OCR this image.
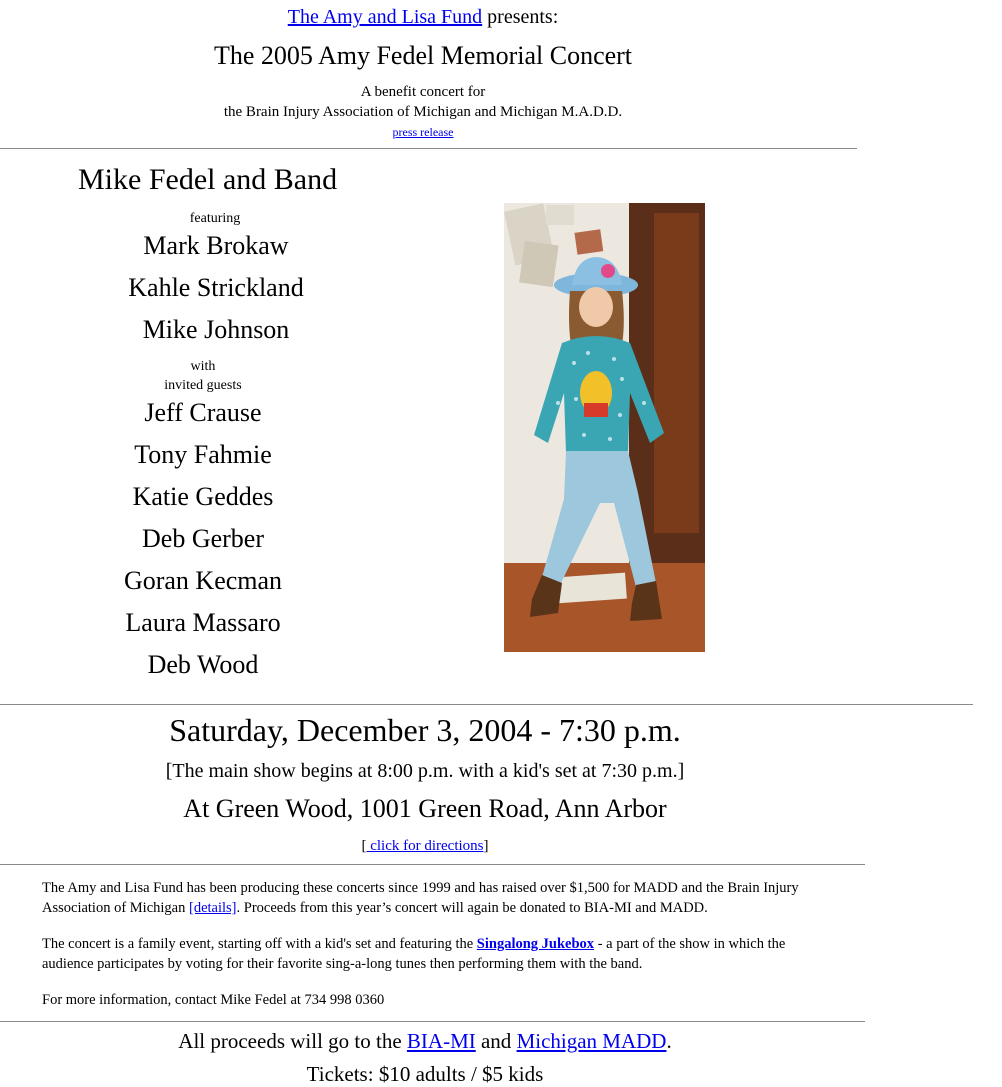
The Amy and Lisa Fund presents:
The 2005 Amy Fedel Memorial Concert
A benefit concert for
the Brain Injury Association of Michigan and Michigan M.A.D.D.
press release
Mike Fedel and Band
featuring
Mark Brokaw
Kahle Strickland
Mike Johnson
with
invited guests
Jeff Crause
Tony Fahmie
Katie Geddes
Deb Gerber
Goran Kecman
Laura Massaro
Deb Wood
Saturday, December 3, 2004 - 7:30 p.m.
[The main show begins at 8:00 p.m. with a kid's set at 7:30 p.m.]
At Green Wood, 1001 Green Road, Ann Arbor
[ click for directions]
The Amy and Lisa Fund has been producing these concerts since 1999 and has raised over $1,500 for MADD and the Brain Injury Association of Michigan [details]. Proceeds from this year’s concert will again be donated to BIA-MI and MADD.
The concert is a family event, starting off with a kid's set and featuring the Singalong Jukebox - a part of the show in which the audience participates by voting for their favorite sing-a-long tunes then performing them with the band.
For more information, contact Mike Fedel at 734 998 0360
All proceeds will go to the BIA-MI and Michigan MADD.
Tickets: $10 adults / $5 kids
